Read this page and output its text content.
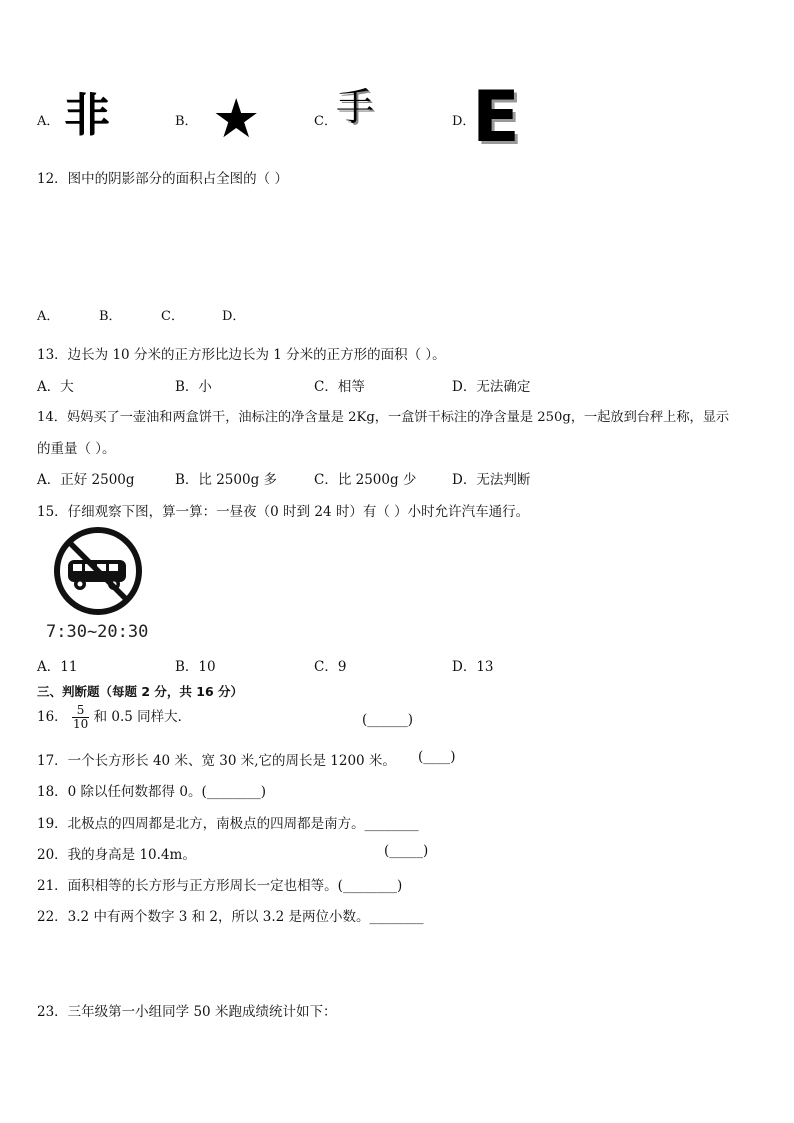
A． 非	B． ★	C． 手	D．
E
12．图中的阴影部分的面积占全图的（ ）
A．	B．	C．	D．
13．边长为 10 分米的正方形比边长为 1 分米的正方形的面积（ ）。
A．大	B．小	C．相等	D．无法确定
14．妈妈买了一壶油和两盒饼干，油标注的净含量是 2Kg，一盒饼干标注的净含量是 250g，一起放到台秤上称，显示
的重量（ ）。
A．正好 2500g	B．比 2500g 多	C．比 2500g 少	D．无法判断
15．仔细观察下图，算一算：一昼夜（0 时到 24 时）有（ ）小时允许汽车通行。
7:30~20:30
A．11	B．10	C．9	D．13
三、判断题（每题 2 分，共 16 分）
16． $\frac{5}{10}$ 和 0.5 同样大．	(______)
17．一个长方形长 40 米、宽 30 米,它的周长是 1200 米。 (____)
18．0 除以任何数都得 0。(________)
19．北极点的四周都是北方，南极点的四周都是南方。________
20．我的身高是 10.4m。	(_____)
21．面积相等的长方形与正方形周长一定也相等。(________)
22．3.2 中有两个数字 3 和 2，所以 3.2 是两位小数。________
23．三年级第一小组同学 50 米跑成绩统计如下：
